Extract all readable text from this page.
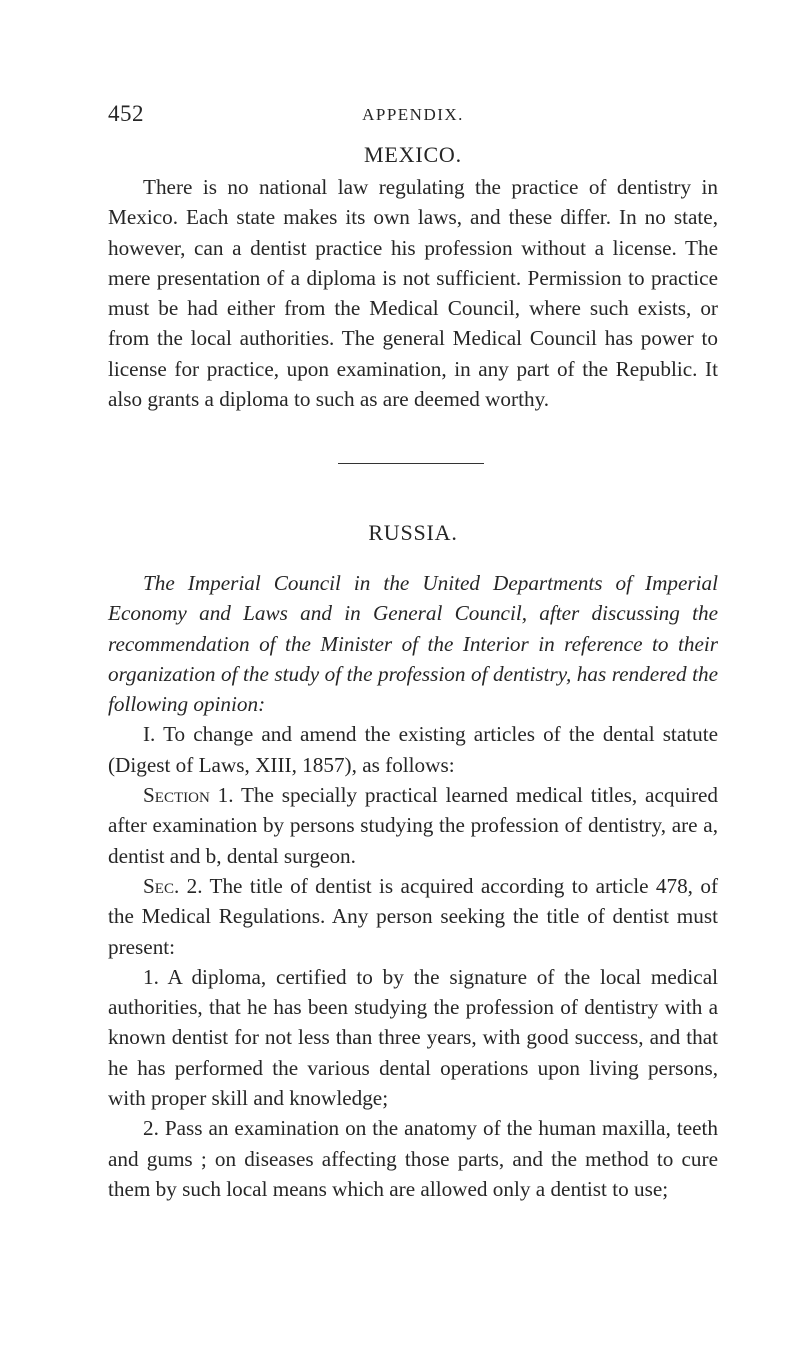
452	APPENDIX.
MEXICO.

There is no national law regulating the practice of dentistry in Mexico. Each state makes its own laws, and these differ. In no state, however, can a dentist practice his profession without a license. The mere presentation of a diploma is not sufficient. Permission to practice must be had either from the Medical Council, where such exists, or from the local authorities. The general Medical Council has power to license for practice, upon examination, in any part of the Republic. It also grants a diploma to such as are deemed worthy.

RUSSIA.

The Imperial Council in the United Departments of Imperial Economy and Laws and in General Council, after discussing the recommendation of the Minister of the Interior in reference to their organization of the study of the profession of dentistry, has rendered the following opinion:

I. To change and amend the existing articles of the dental statute (Digest of Laws, XIII, 1857), as follows:

Section 1. The specially practical learned medical titles, acquired after examination by persons studying the profession of dentistry, are a, dentist and b, dental surgeon.

Sec. 2. The title of dentist is acquired according to article 478, of the Medical Regulations. Any person seeking the title of dentist must present:

1. A diploma, certified to by the signature of the local medical authorities, that he has been studying the profession of dentistry with a known dentist for not less than three years, with good success, and that he has performed the various dental operations upon living persons, with proper skill and knowledge;

2. Pass an examination on the anatomy of the human maxilla, teeth and gums ; on diseases affecting those parts, and the method to cure them by such local means which are allowed only a dentist to use;
